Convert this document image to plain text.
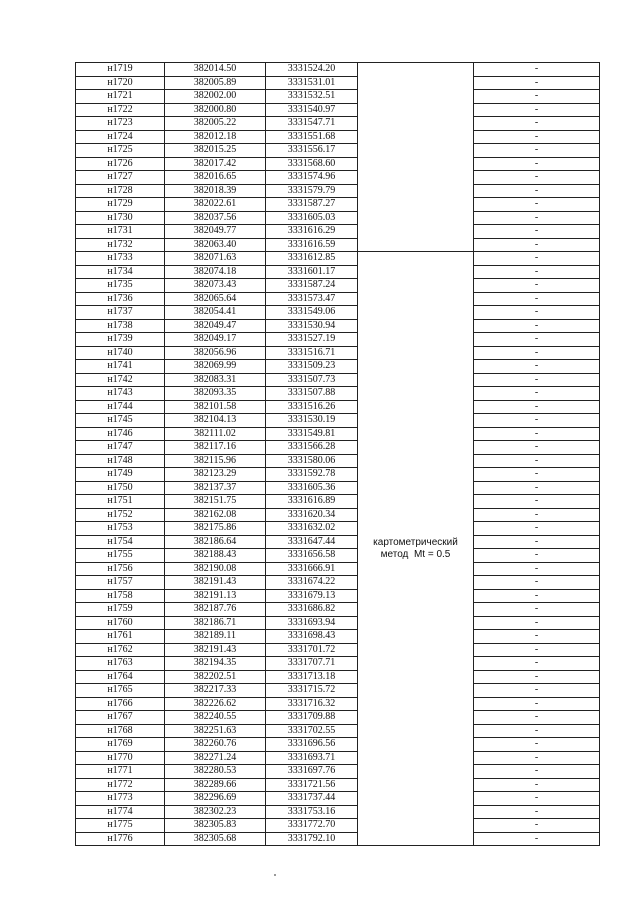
н1719	382014.50	3331524.20		-
н1720	382005.89	3331531.01		-
н1721	382002.00	3331532.51		-
н1722	382000.80	3331540.97		-
н1723	382005.22	3331547.71		-
н1724	382012.18	3331551.68		-
н1725	382015.25	3331556.17		-
н1726	382017.42	3331568.60		-
н1727	382016.65	3331574.96		-
н1728	382018.39	3331579.79		-
н1729	382022.61	3331587.27		-
н1730	382037.56	3331605.03		-
н1731	382049.77	3331616.29		-
н1732	382063.40	3331616.59		-
н1733	382071.63	3331612.85	картометрический
метод  Mt = 0.5	-
н1734	382074.18	3331601.17		-
н1735	382073.43	3331587.24		-
н1736	382065.64	3331573.47		-
н1737	382054.41	3331549.06		-
н1738	382049.47	3331530.94		-
н1739	382049.17	3331527.19		-
н1740	382056.96	3331516.71		-
н1741	382069.99	3331509.23		-
н1742	382083.31	3331507.73		-
н1743	382093.35	3331507.88		-
н1744	382101.58	3331516.26		-
н1745	382104.13	3331530.19		-
н1746	382111.02	3331549.81		-
н1747	382117.16	3331566.28		-
н1748	382115.96	3331580.06		-
н1749	382123.29	3331592.78		-
н1750	382137.37	3331605.36		-
н1751	382151.75	3331616.89		-
н1752	382162.08	3331620.34		-
н1753	382175.86	3331632.02		-
н1754	382186.64	3331647.44		-
н1755	382188.43	3331656.58		-
н1756	382190.08	3331666.91		-
н1757	382191.43	3331674.22		-
н1758	382191.13	3331679.13		-
н1759	382187.76	3331686.82		-
н1760	382186.71	3331693.94		-
н1761	382189.11	3331698.43		-
н1762	382191.43	3331701.72		-
н1763	382194.35	3331707.71		-
н1764	382202.51	3331713.18		-
н1765	382217.33	3331715.72		-
н1766	382226.62	3331716.32		-
н1767	382240.55	3331709.88		-
н1768	382251.63	3331702.55		-
н1769	382260.76	3331696.56		-
н1770	382271.24	3331693.71		-
н1771	382280.53	3331697.76		-
н1772	382289.66	3331721.56		-
н1773	382296.69	3331737.44		-
н1774	382302.23	3331753.16		-
н1775	382305.83	3331772.70		-
н1776	382305.68	3331792.10		-
